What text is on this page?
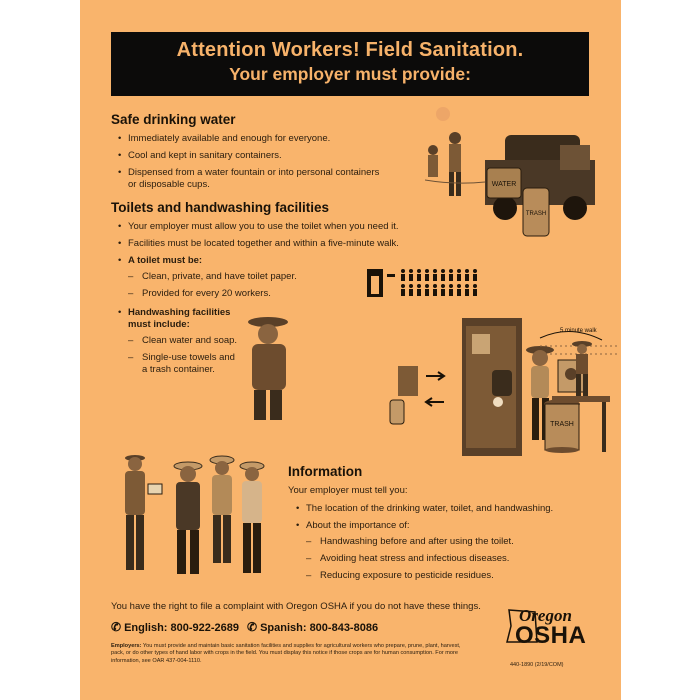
Attention Workers! Field Sanitation.
Your employer must provide:
Safe drinking water
• Immediately available and enough for everyone.
• Cool and kept in sanitary containers.
• Dispensed from a water fountain or into personal containers or disposable cups.
Toilets and handwashing facilities
• Your employer must allow you to use the toilet when you need it.
• Facilities must be located together and within a five-minute walk.
• A toilet must be:
– Clean, private, and have toilet paper.
– Provided for every 20 workers.
• Handwashing facilities must include:
– Clean water and soap.
– Single-use towels and a trash container.
WATER
TRASH
5 minute walk
TRASH
Information
Your employer must tell you:
• The location of the drinking water, toilet, and handwashing.
• About the importance of:
– Handwashing before and after using the toilet.
– Avoiding heat stress and infectious diseases.
– Reducing exposure to pesticide residues.
You have the right to file a complaint with Oregon OSHA if you do not have these things.
✆ English: 800-922-2689 ✆ Spanish: 800-843-8086
Employers: You must provide and maintain basic sanitation facilities and supplies for agricultural workers who prepare, prune, plant, harvest, pack, or do other types of hand labor with crops in the field. You must display this notice if those crops are for human consumption. For more information, see OAR 437-004-1110.
Oregon
OSHA
440-1890 (2/19/COM)
